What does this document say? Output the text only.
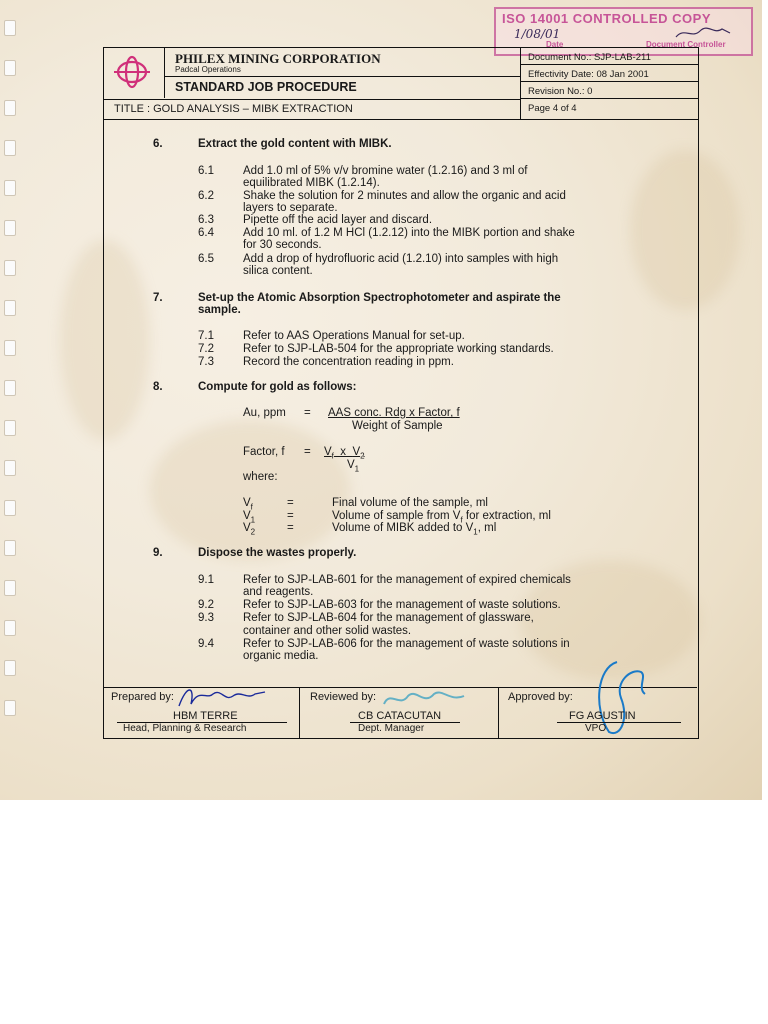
ISO 14001 CONTROLLED COPY
1/08/01
Date	Document Controller
PHILEX MINING CORPORATION
Padcal Operations
STANDARD JOB PROCEDURE
TITLE : GOLD ANALYSIS – MIBK EXTRACTION
Document No.: SJP-LAB-211
Effectivity Date: 08 Jan 2001
Revision No.: 0
Page 4 of 4
6.	Extract the gold content with MIBK.
6.1	Add 1.0 ml of 5% v/v bromine water (1.2.16) and 3 ml of
equilibrated MIBK (1.2.14).
6.2	Shake the solution for 2 minutes and allow the organic and acid
layers to separate.
6.3	Pipette off the acid layer and discard.
6.4	Add 10 ml. of 1.2 M HCl (1.2.12) into the MIBK portion and shake
for 30 seconds.
6.5	Add a drop of hydrofluoric acid (1.2.10) into samples with high
silica content.
7.	Set-up the Atomic Absorption Spectrophotometer and aspirate the
sample.
7.1	Refer to AAS Operations Manual for set-up.
7.2	Refer to SJP-LAB-504 for the appropriate working standards.
7.3	Record the concentration reading in ppm.
8.	Compute for gold as follows:
Au, ppm = AAS conc. Rdg x Factor, f
Weight of Sample
Factor, $f = V_f$  x  $V_2$
$V_1$
where:
$V_f$	=	Final volume of the sample, ml
$V_1$	=	Volume of sample from $V_f$ for extraction, ml
$V_2$	=	Volume of MIBK added to $V_1$, ml
9.	Dispose the wastes properly.
9.1	Refer to SJP-LAB-601 for the management of expired chemicals
and reagents.
9.2	Refer to SJP-LAB-603 for the management of waste solutions.
9.3	Refer to SJP-LAB-604 for the management of glassware,
container and other solid wastes.
9.4	Refer to SJP-LAB-606 for the management of waste solutions in
organic media.
Prepared by:
HBM TERRE
Head, Planning & Research
Reviewed by:
CB CATACUTAN
Dept. Manager
Approved by:
FG AGUSTIN
VPO
